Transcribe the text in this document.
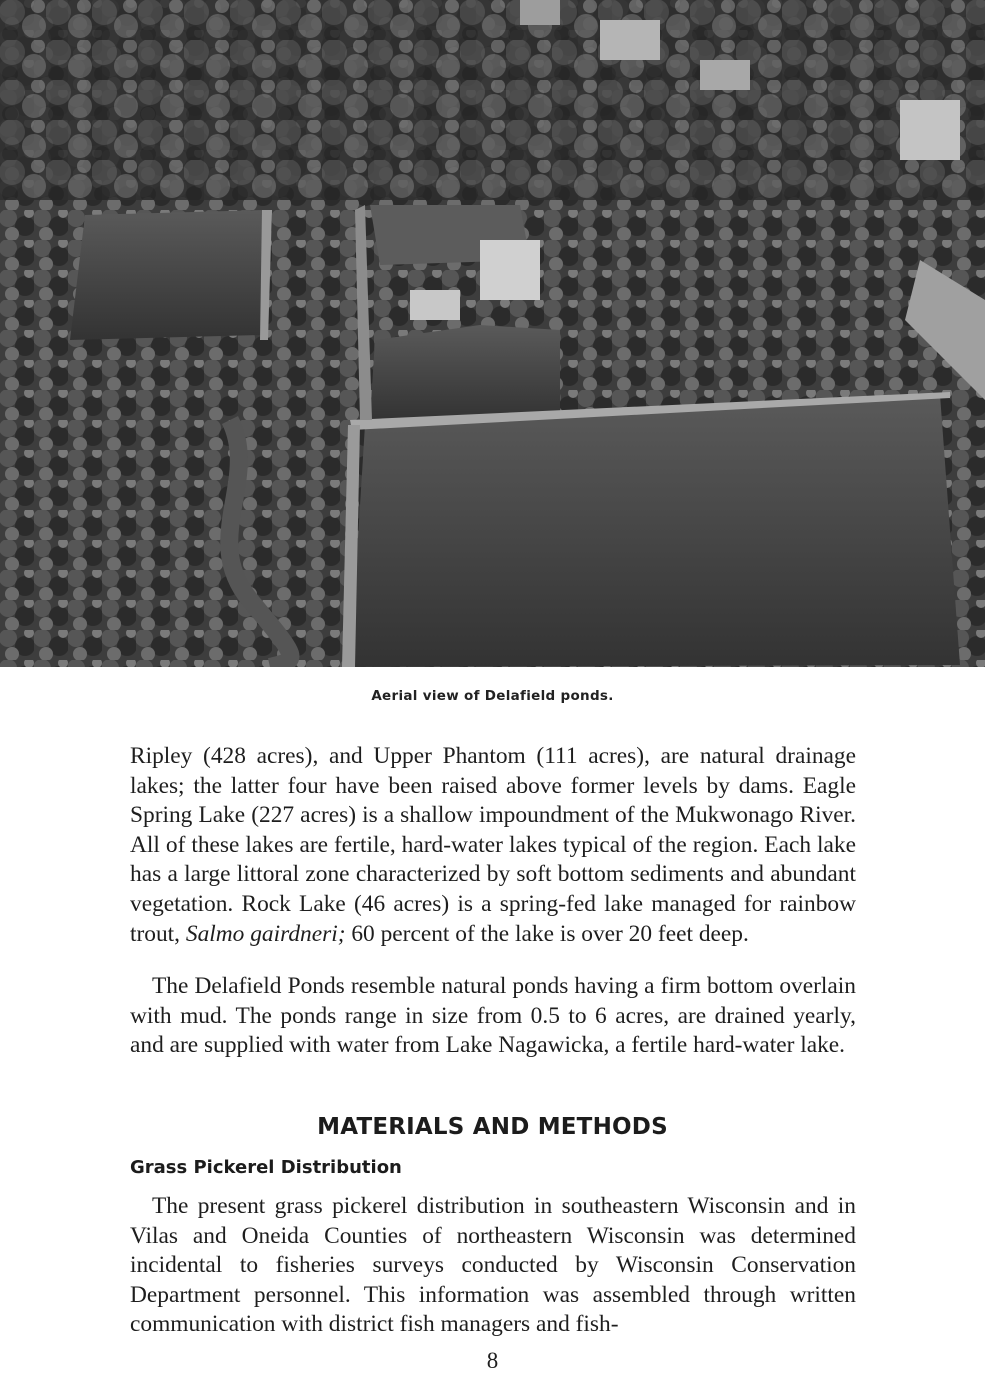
Aerial view of Delafield ponds.

Ripley (428 acres), and Upper Phantom (111 acres), are natural drainage lakes; the latter four have been raised above former levels by dams. Eagle Spring Lake (227 acres) is a shallow impoundment of the Mukwonago River. All of these lakes are fertile, hard-water lakes typical of the region. Each lake has a large littoral zone characterized by soft bottom sediments and abundant vegetation. Rock Lake (46 acres) is a spring-fed lake managed for rainbow trout, Salmo gairdneri; 60 percent of the lake is over 20 feet deep.

The Delafield Ponds resemble natural ponds having a firm bottom overlain with mud. The ponds range in size from 0.5 to 6 acres, are drained yearly, and are supplied with water from Lake Nagawicka, a fertile hard-water lake.

MATERIALS AND METHODS
Grass Pickerel Distribution

The present grass pickerel distribution in southeastern Wisconsin and in Vilas and Oneida Counties of northeastern Wisconsin was determined incidental to fisheries surveys conducted by Wisconsin Conservation Department personnel. This information was assembled through written communication with district fish managers and fish-

8
